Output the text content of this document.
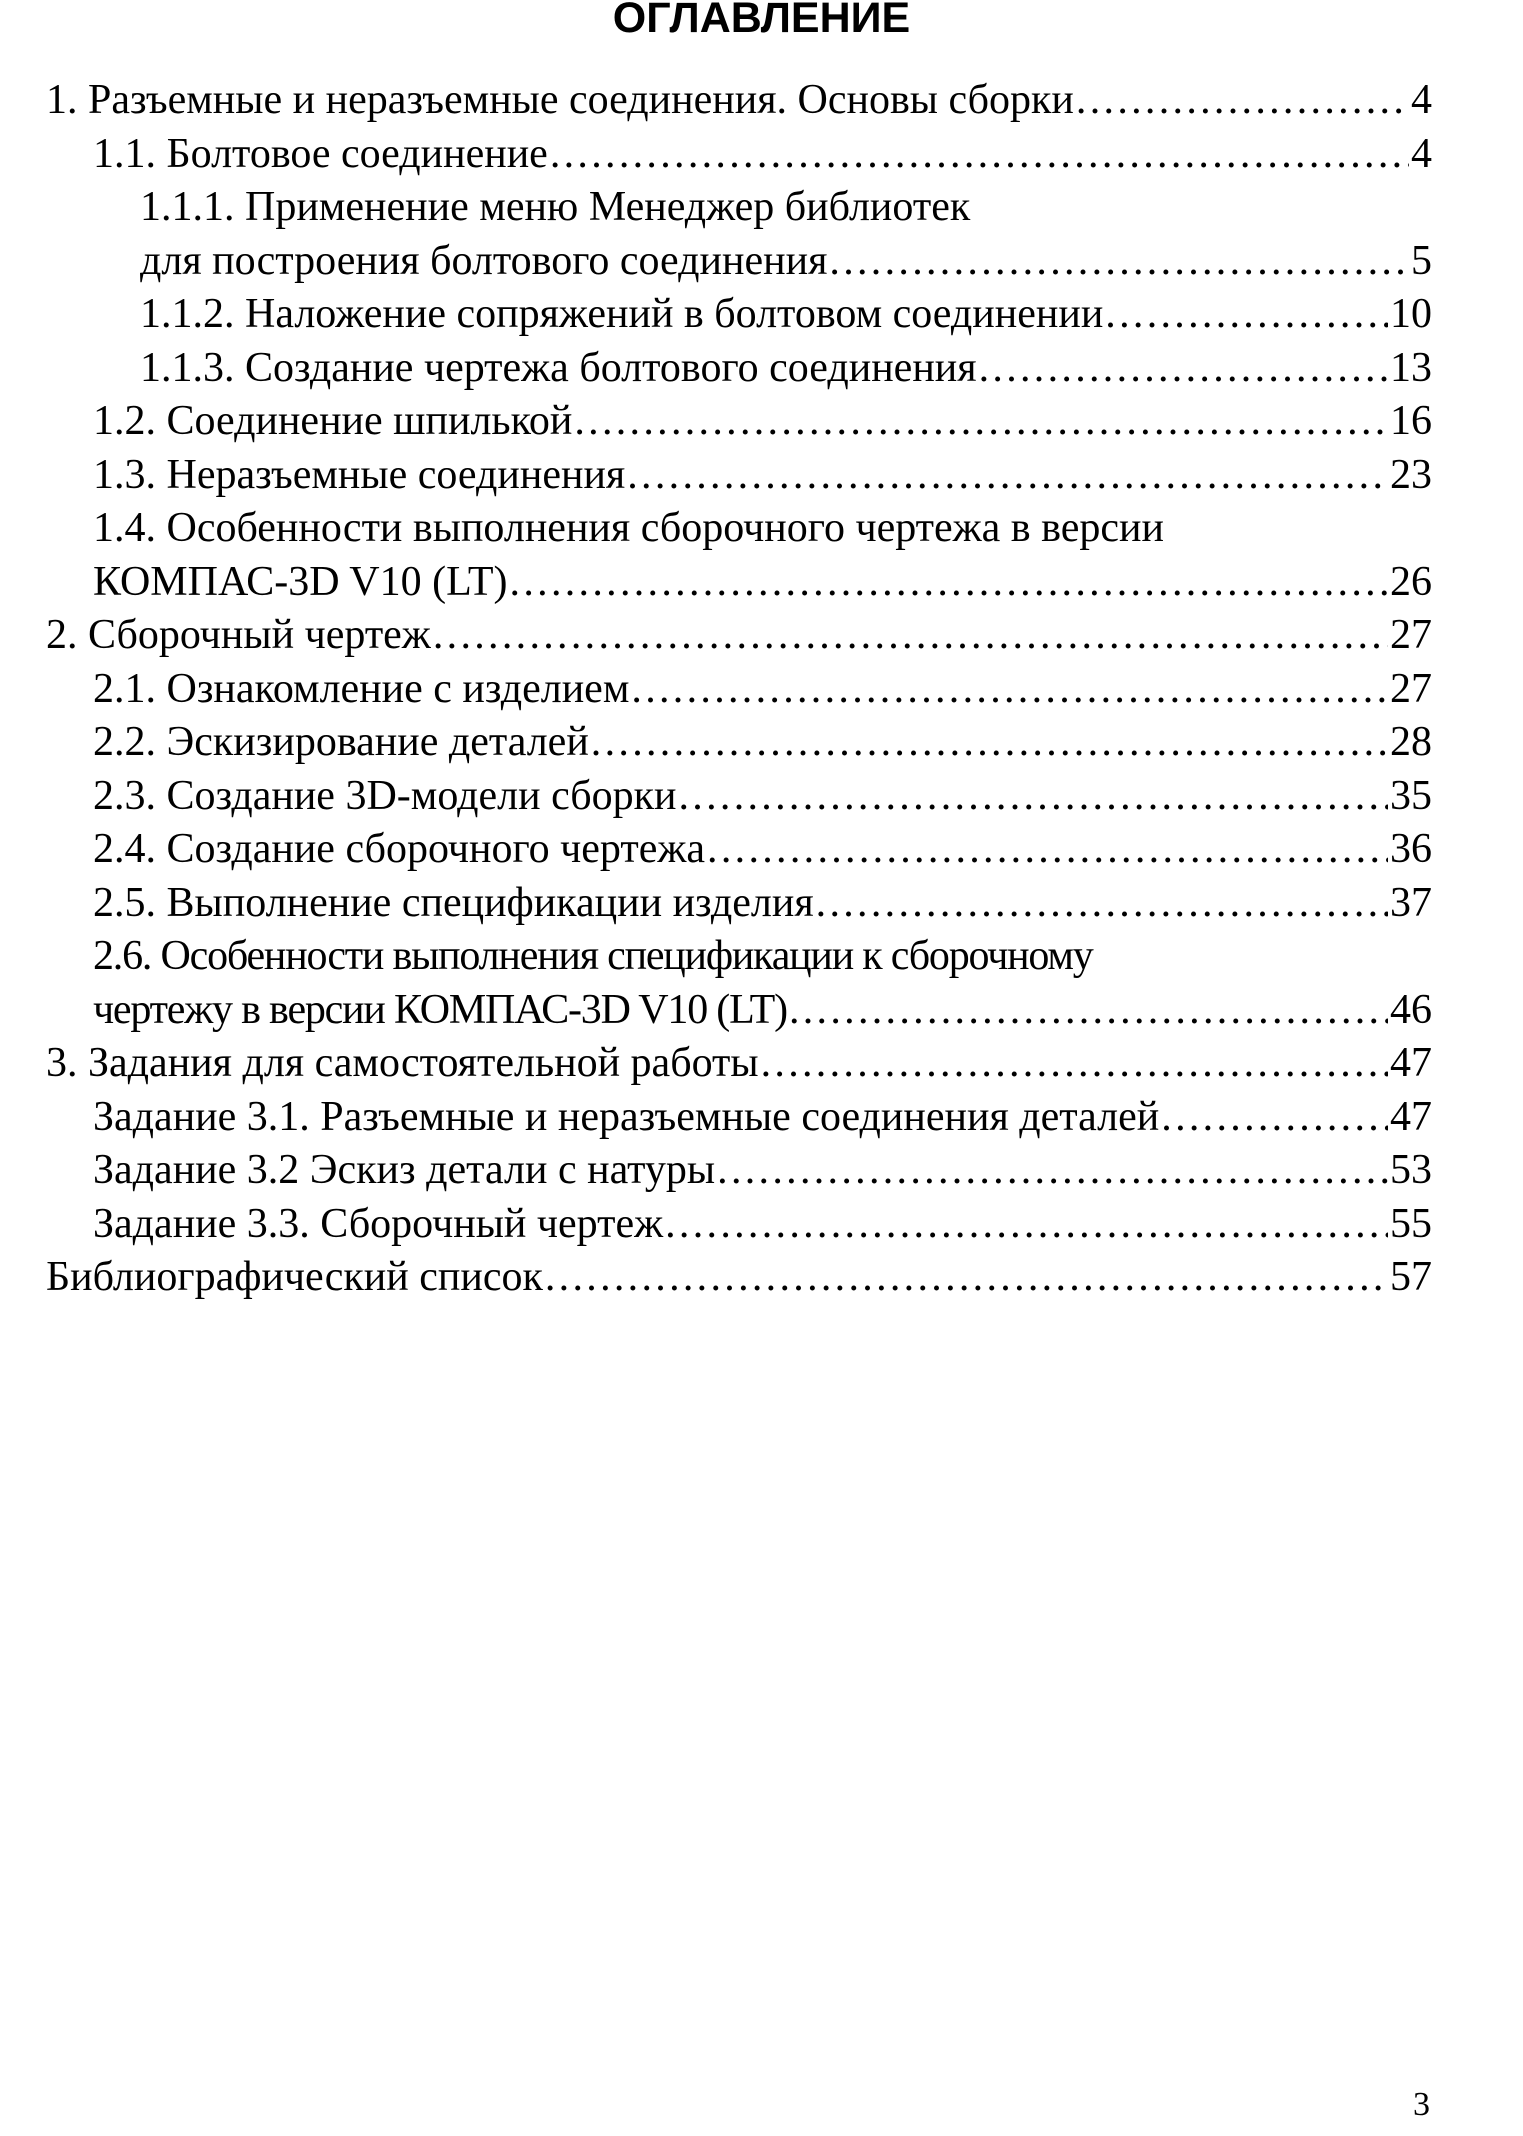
ОГЛАВЛЕНИЕ
1. Разъемные и неразъемные соединения. Основы сборки . . .	4
1.1. Болтовое соединение . . .	4
1.1.1. Применение меню Менеджер библиотек
для построения болтового соединения . . .	5
1.1.2. Наложение сопряжений в болтовом соединении . . .	10
1.1.3. Создание чертежа болтового соединения . . .	13
1.2. Соединение шпилькой . . .	16
1.3. Неразъемные соединения . . .	23
1.4. Особенности выполнения сборочного чертежа в версии
КОМПАС-3D V10 (LT) . . .	26
2. Сборочный чертеж . . .	27
2.1. Ознакомление с изделием . . .	27
2.2. Эскизирование деталей . . .	28
2.3. Создание 3D-модели сборки . . .	35
2.4. Создание сборочного чертежа . . .	36
2.5. Выполнение спецификации изделия . . .	37
2.6. Особенности выполнения спецификации к сборочному
чертежу в версии КОМПАС-3D V10 (LT) . . .	46
3. Задания для самостоятельной работы . . .	47
Задание 3.1. Разъемные и неразъемные соединения деталей . . .	47
Задание 3.2 Эскиз детали с натуры . . .	53
Задание 3.3. Сборочный чертеж . . .	55
Библиографический список . . .	57
3
